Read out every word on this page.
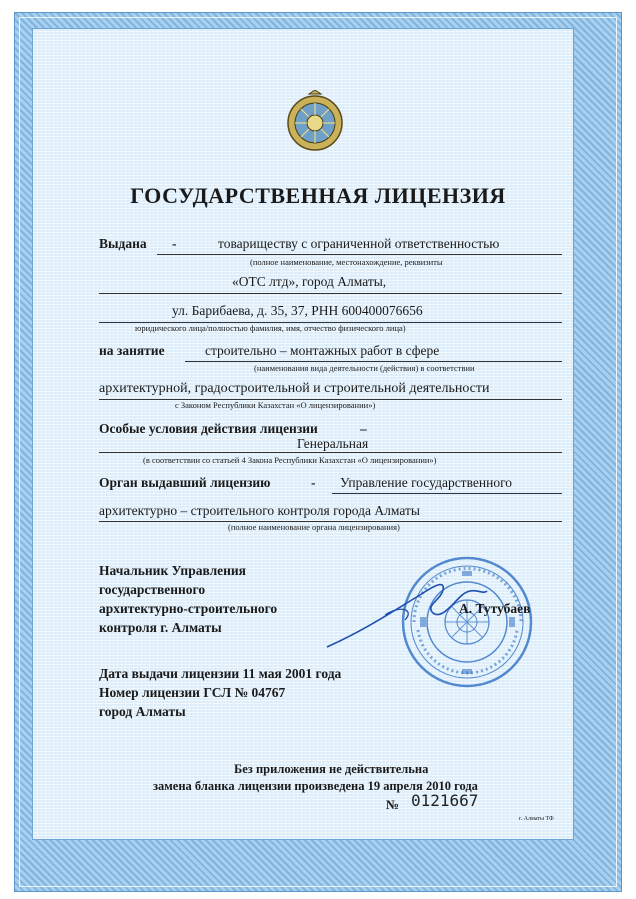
ГОСУДАРСТВЕННАЯ ЛИЦЕНЗИЯ
Выдана -	товариществу с ограниченной ответственностью
(полное наименование, местонахождение, реквизиты
«ОТС лтд», город Алматы,
ул. Барибаева, д. 35, 37, РНН 600400076656
юридического лица/полностью фамилия, имя, отчество физического лица)
на занятие	строительно – монтажных работ в сфере
(наименования вида деятельности (действия) в соответствии
архитектурной, градостроительной и строительной деятельности
с Законом Республики Казахстан «О лицензировании»)
Особые условия действия лицензии	–
Генеральная
(в соответствии со статьей 4 Закона Республики Казахстан «О лицензировании»)
Орган выдавший лицензию	- Управление государственного
архитектурно – строительного контроля города Алматы
(полное наименование органа лицензирования)
Начальник Управления
государственного
архитектурно-строительного
контроля г. Алматы
А. Тутубаев
Дата выдачи лицензии 11 мая 2001 года
Номер лицензии ГСЛ № 04767
город Алматы
Без приложения не действительна
замена бланка лицензии произведена 19 апреля 2010 года
№ 0121667
г. Алматы ТФ
